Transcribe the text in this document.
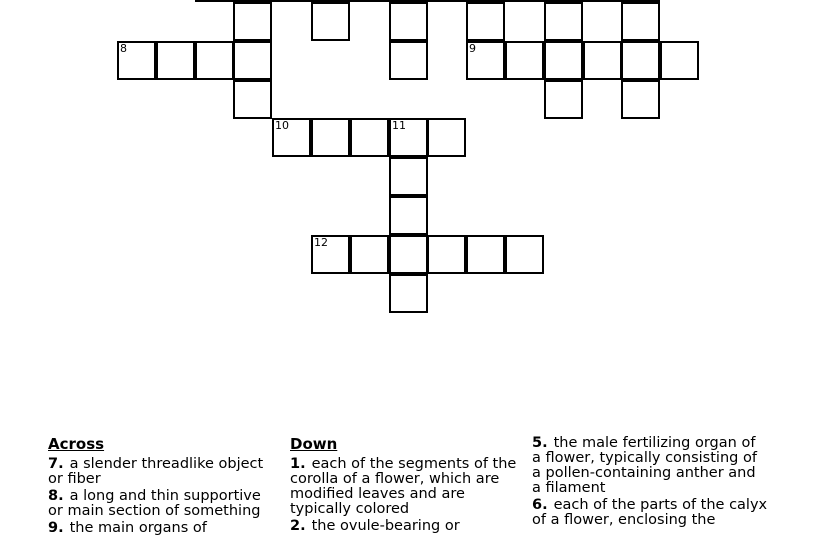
8	9
10	11
12
Across
7. a slender threadlike object or fiber
8. a long and thin supportive or main section of something
9. the main organs of
Down
1. each of the segments of the corolla of a flower, which are modified leaves and are typically colored
2. the ovule-bearing or
5. the male fertilizing organ of a flower, typically consisting of a pollen-containing anther and a filament
6. each of the parts of the calyx of a flower, enclosing the
